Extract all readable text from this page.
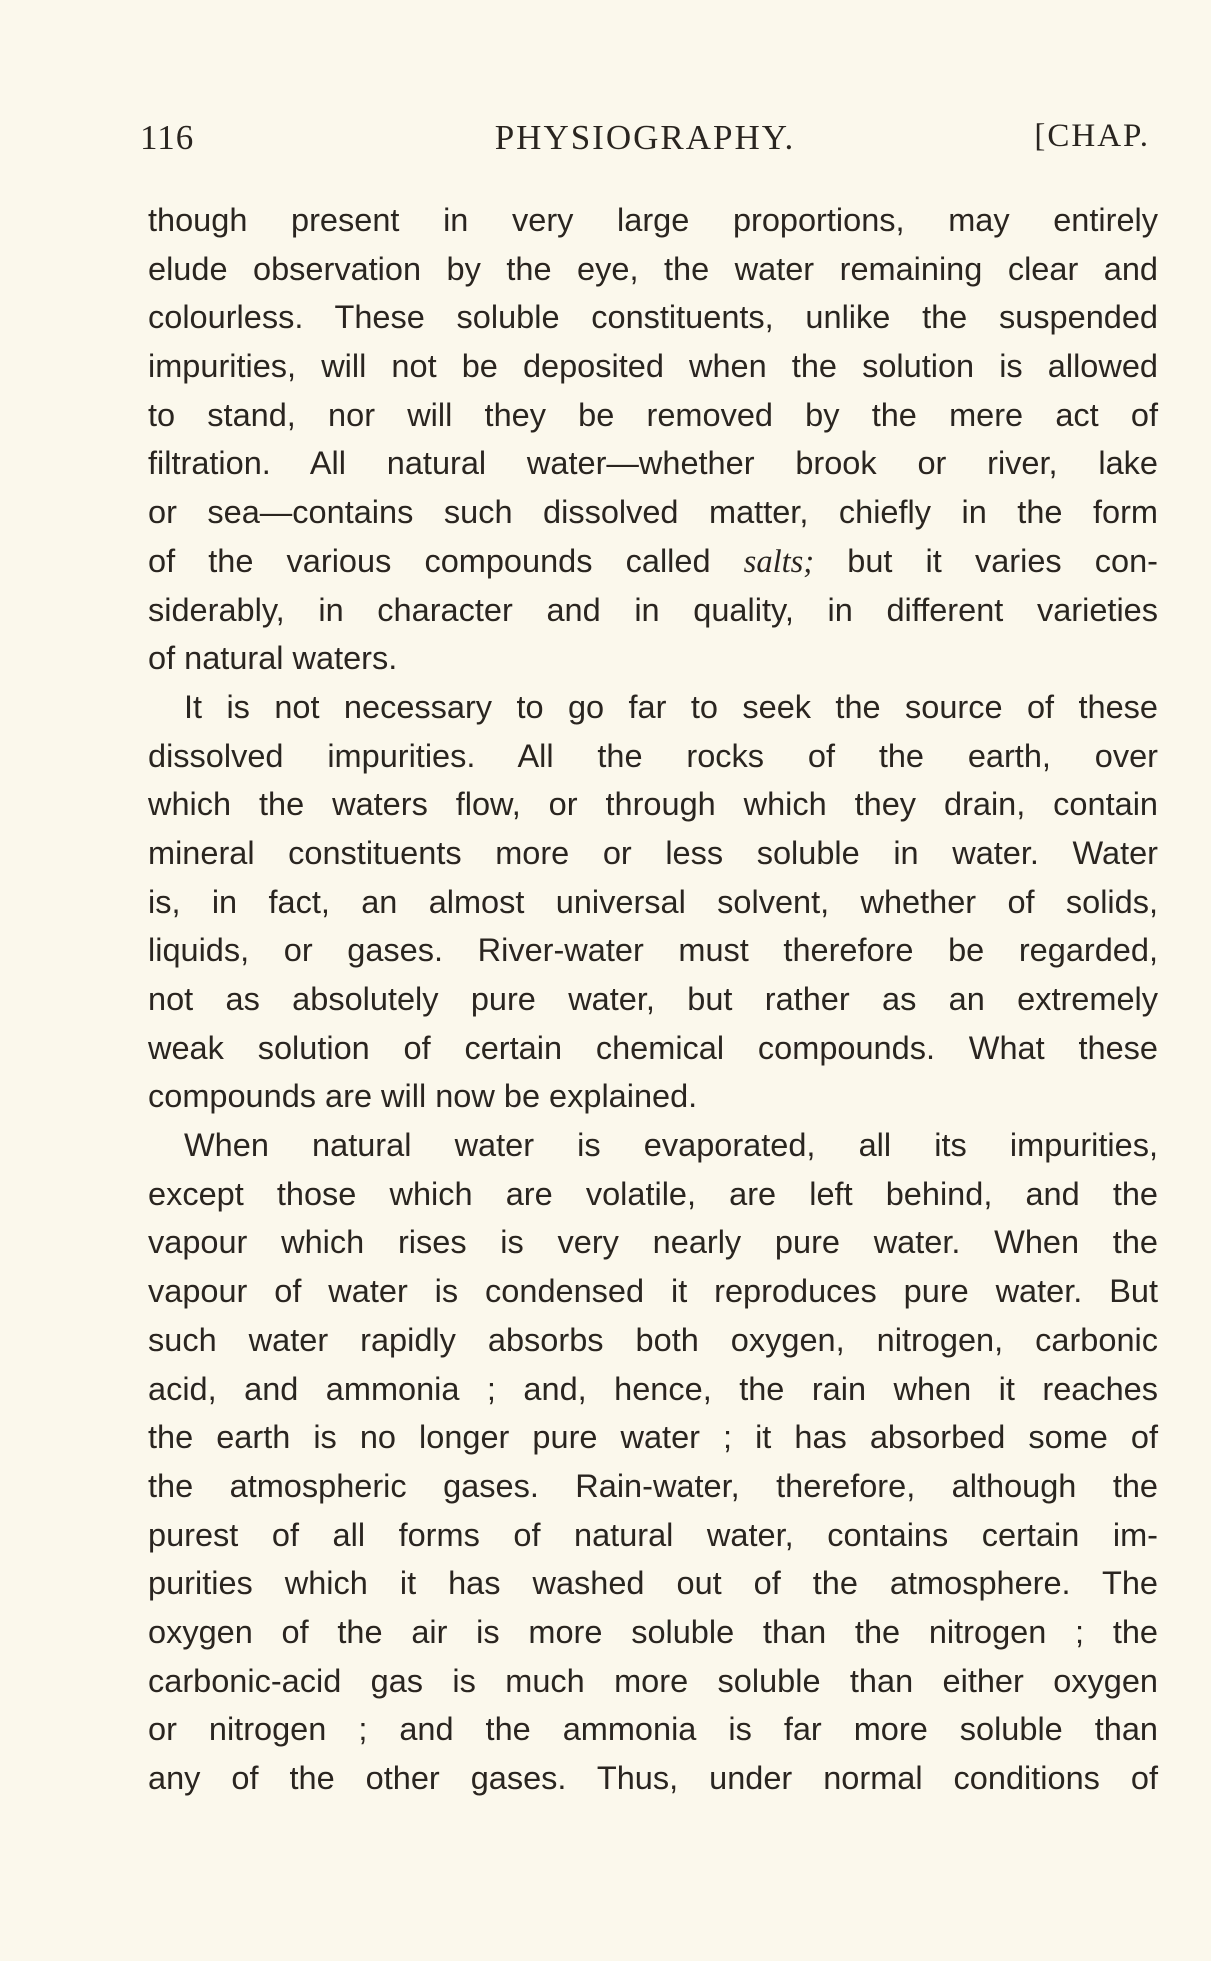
116	PHYSIOGRAPHY.	[CHAP.
though present in very large proportions, may entirely
elude observation by the eye, the water remaining clear and
colourless. These soluble constituents, unlike the suspended
impurities, will not be deposited when the solution is allowed
to stand, nor will they be removed by the mere act of
filtration. All natural water—whether brook or river, lake
or sea—contains such dissolved matter, chiefly in the form
of the various compounds called salts; but it varies con-
siderably, in character and in quality, in different varieties
of natural waters.
It is not necessary to go far to seek the source of these
dissolved impurities. All the rocks of the earth, over
which the waters flow, or through which they drain, contain
mineral constituents more or less soluble in water. Water
is, in fact, an almost universal solvent, whether of solids,
liquids, or gases. River-water must therefore be regarded,
not as absolutely pure water, but rather as an extremely
weak solution of certain chemical compounds. What these
compounds are will now be explained.
When natural water is evaporated, all its impurities,
except those which are volatile, are left behind, and the
vapour which rises is very nearly pure water. When the
vapour of water is condensed it reproduces pure water. But
such water rapidly absorbs both oxygen, nitrogen, carbonic
acid, and ammonia ; and, hence, the rain when it reaches
the earth is no longer pure water ; it has absorbed some of
the atmospheric gases. Rain-water, therefore, although the
purest of all forms of natural water, contains certain im-
purities which it has washed out of the atmosphere. The
oxygen of the air is more soluble than the nitrogen ; the
carbonic-acid gas is much more soluble than either oxygen
or nitrogen ; and the ammonia is far more soluble than
any of the other gases. Thus, under normal conditions of
